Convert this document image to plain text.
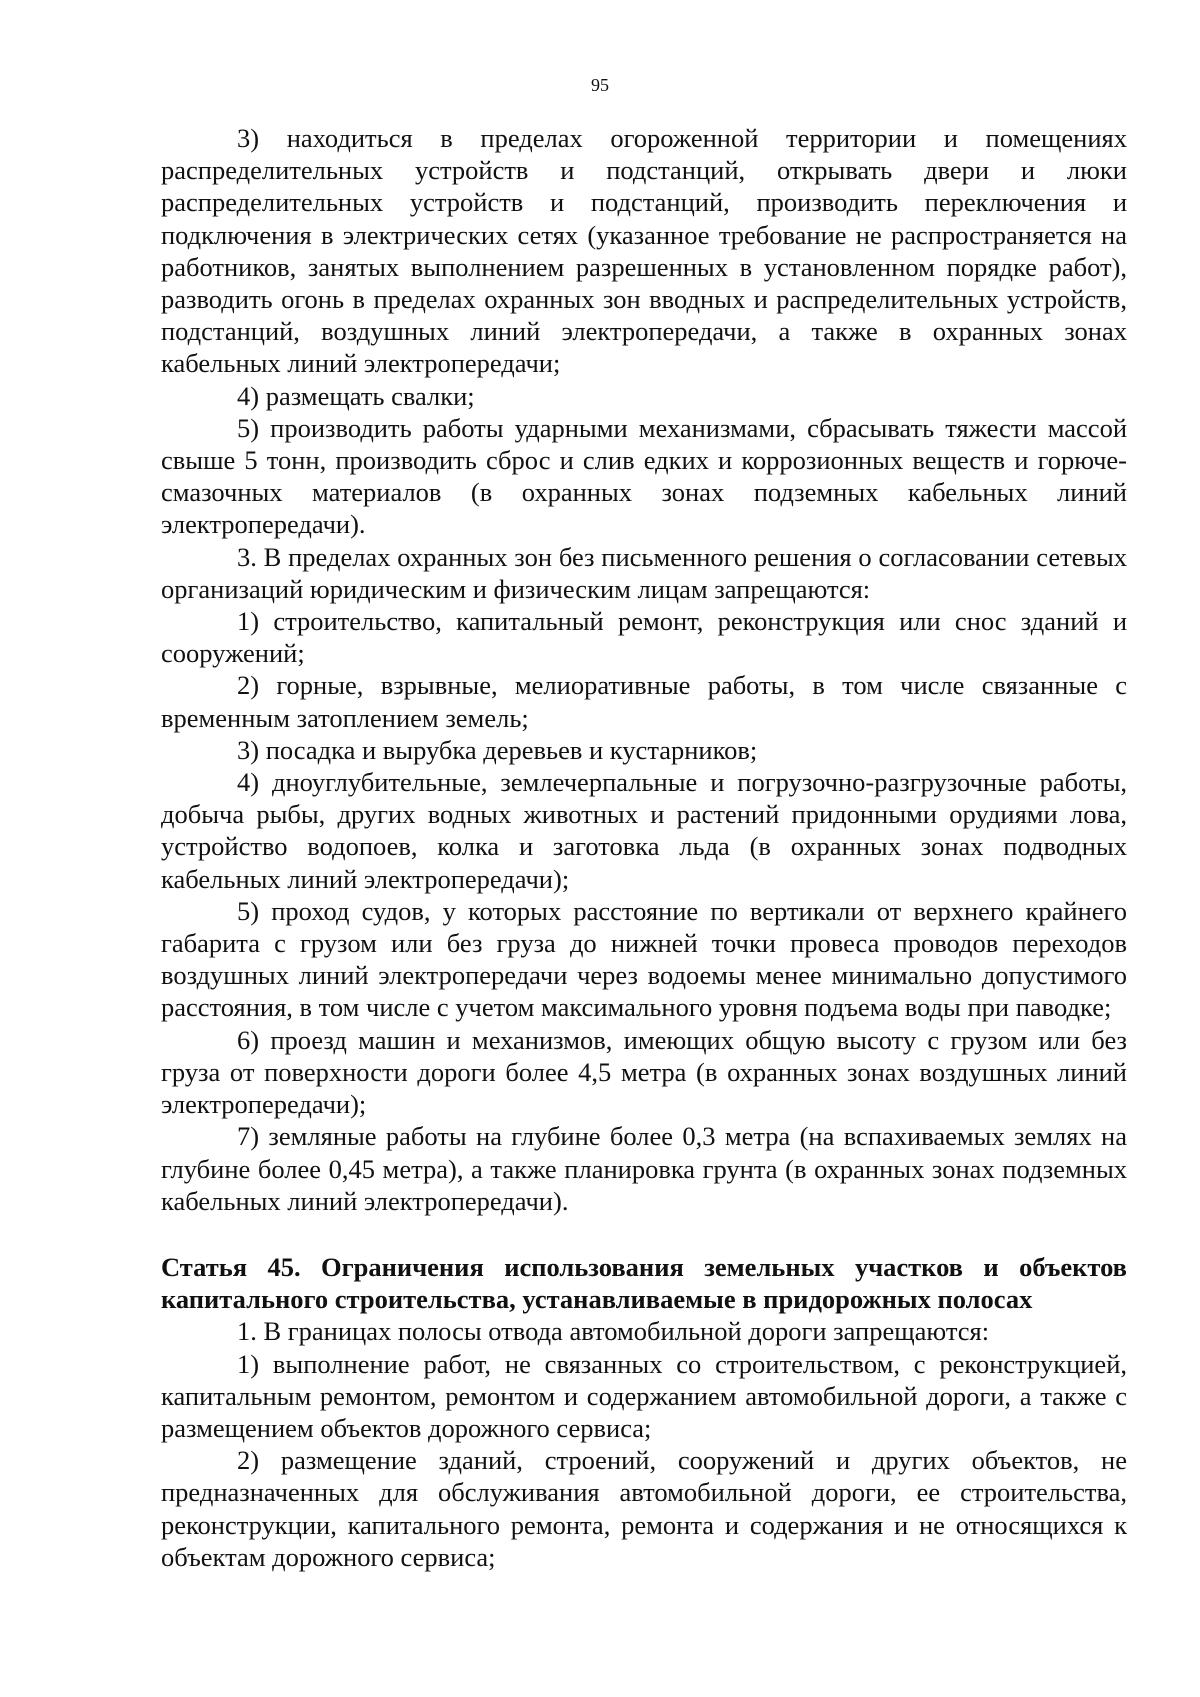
95

3) находиться в пределах огороженной территории и помещениях распределительных устройств и подстанций, открывать двери и люки распределительных устройств и подстанций, производить переключения и подключения в электрических сетях (указанное требование не распространяется на работников, занятых выполнением разрешенных в установленном порядке работ), разводить огонь в пределах охранных зон вводных и распределительных устройств, подстанций, воздушных линий электропередачи, а также в охранных зонах кабельных линий электропередачи;

4) размещать свалки;

5) производить работы ударными механизмами, сбрасывать тяжести массой свыше 5 тонн, производить сброс и слив едких и коррозионных веществ и горюче-смазочных материалов (в охранных зонах подземных кабельных линий электропередачи).

3. В пределах охранных зон без письменного решения о согласовании сетевых организаций юридическим и физическим лицам запрещаются:

1) строительство, капитальный ремонт, реконструкция или снос зданий и сооружений;

2) горные, взрывные, мелиоративные работы, в том числе связанные с временным затоплением земель;

3) посадка и вырубка деревьев и кустарников;

4) дноуглубительные, землечерпальные и погрузочно-разгрузочные работы, добыча рыбы, других водных животных и растений придонными орудиями лова, устройство водопоев, колка и заготовка льда (в охранных зонах подводных кабельных линий электропередачи);

5) проход судов, у которых расстояние по вертикали от верхнего крайнего габарита с грузом или без груза до нижней точки провеса проводов переходов воздушных линий электропередачи через водоемы менее минимально допустимого расстояния, в том числе с учетом максимального уровня подъема воды при паводке;

6) проезд машин и механизмов, имеющих общую высоту с грузом или без груза от поверхности дороги более 4,5 метра (в охранных зонах воздушных линий электропередачи);

7) земляные работы на глубине более 0,3 метра (на вспахиваемых землях на глубине более 0,45 метра), а также планировка грунта (в охранных зонах подземных кабельных линий электропередачи).

Статья 45. Ограничения использования земельных участков и объектов капитального строительства, устанавливаемые в придорожных полосах

1. В границах полосы отвода автомобильной дороги запрещаются:

1) выполнение работ, не связанных со строительством, с реконструкцией, капитальным ремонтом, ремонтом и содержанием автомобильной дороги, а также с размещением объектов дорожного сервиса;

2) размещение зданий, строений, сооружений и других объектов, не предназначенных для обслуживания автомобильной дороги, ее строительства, реконструкции, капитального ремонта, ремонта и содержания и не относящихся к объектам дорожного сервиса;
